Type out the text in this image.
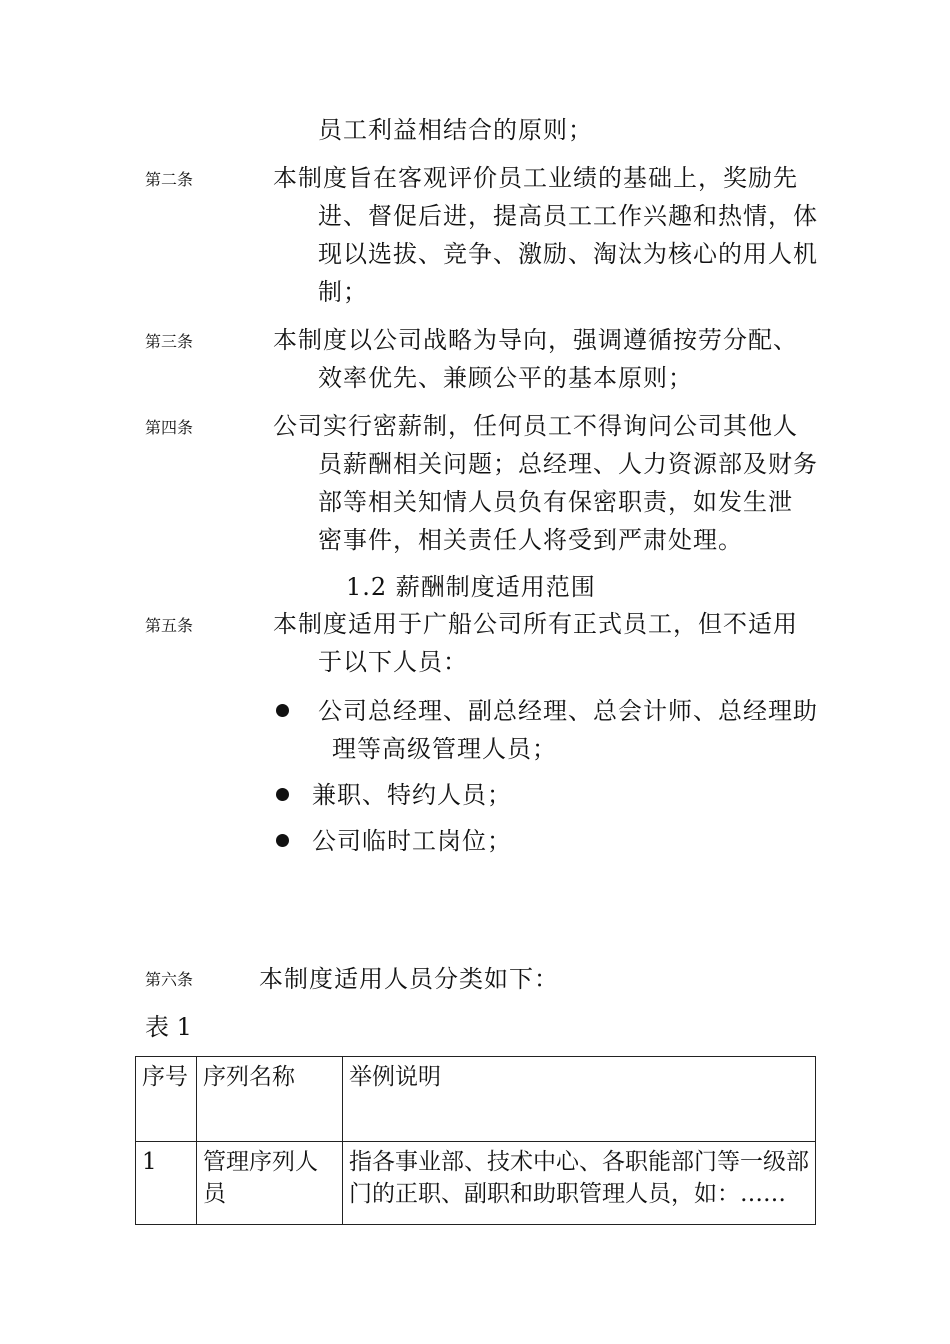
员工利益相结合的原则；
第二条	本制度旨在客观评价员工业绩的基础上，奖励先
进、督促后进，提高员工工作兴趣和热情，体
现以选拔、竞争、激励、淘汰为核心的用人机
制；
第三条	本制度以公司战略为导向，强调遵循按劳分配、
效率优先、兼顾公平的基本原则；
第四条	公司实行密薪制，任何员工不得询问公司其他人
员薪酬相关问题；总经理、人力资源部及财务
部等相关知情人员负有保密职责，如发生泄
密事件，相关责任人将受到严肃处理。
1.2 薪酬制度适用范围
第五条	本制度适用于广船公司所有正式员工，但不适用
于以下人员：
公司总经理、副总经理、总会计师、总经理助
理等高级管理人员；
兼职、特约人员；
公司临时工岗位；
第六条	本制度适用人员分类如下：
表 1
序号	序列名称	举例说明
1	管理序列人员	指各事业部、技术中心、各职能部门等一级部门的正职、副职和助职管理人员，如：……
